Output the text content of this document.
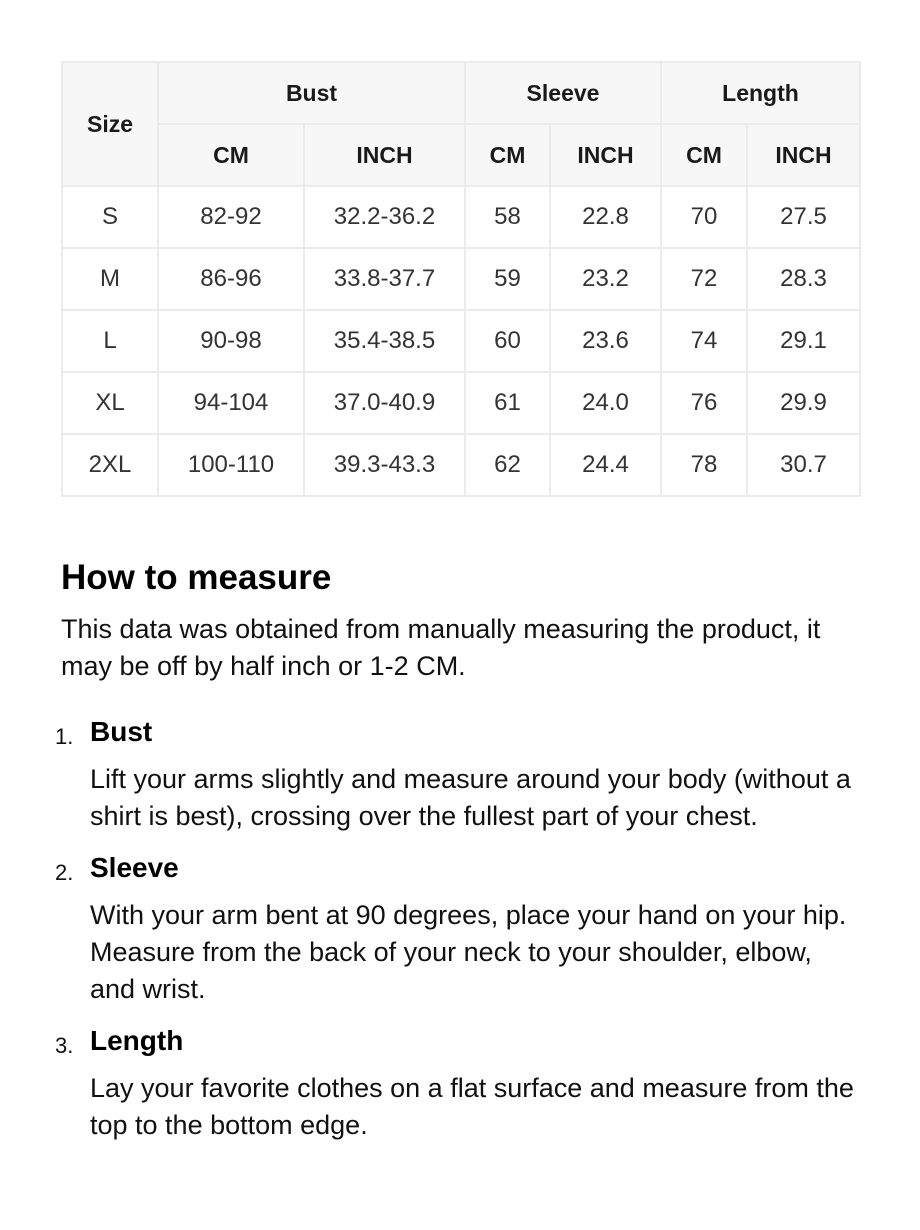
Size	Bust		Sleeve		Length	
	CM	INCH	CM	INCH	CM	INCH
S	82-92	32.2-36.2	58	22.8	70	27.5
M	86-96	33.8-37.7	59	23.2	72	28.3
L	90-98	35.4-38.5	60	23.6	74	29.1
XL	94-104	37.0-40.9	61	24.0	76	29.9
2XL	100-110	39.3-43.3	62	24.4	78	30.7
How to measure

This data was obtained from manually measuring the product, it may be off by half inch or 1-2 CM.

1. Bust
Lift your arms slightly and measure around your body (without a shirt is best), crossing over the fullest part of your chest.
2. Sleeve
With your arm bent at 90 degrees, place your hand on your hip. Measure from the back of your neck to your shoulder, elbow, and wrist.
3. Length
Lay your favorite clothes on a flat surface and measure from the top to the bottom edge.
